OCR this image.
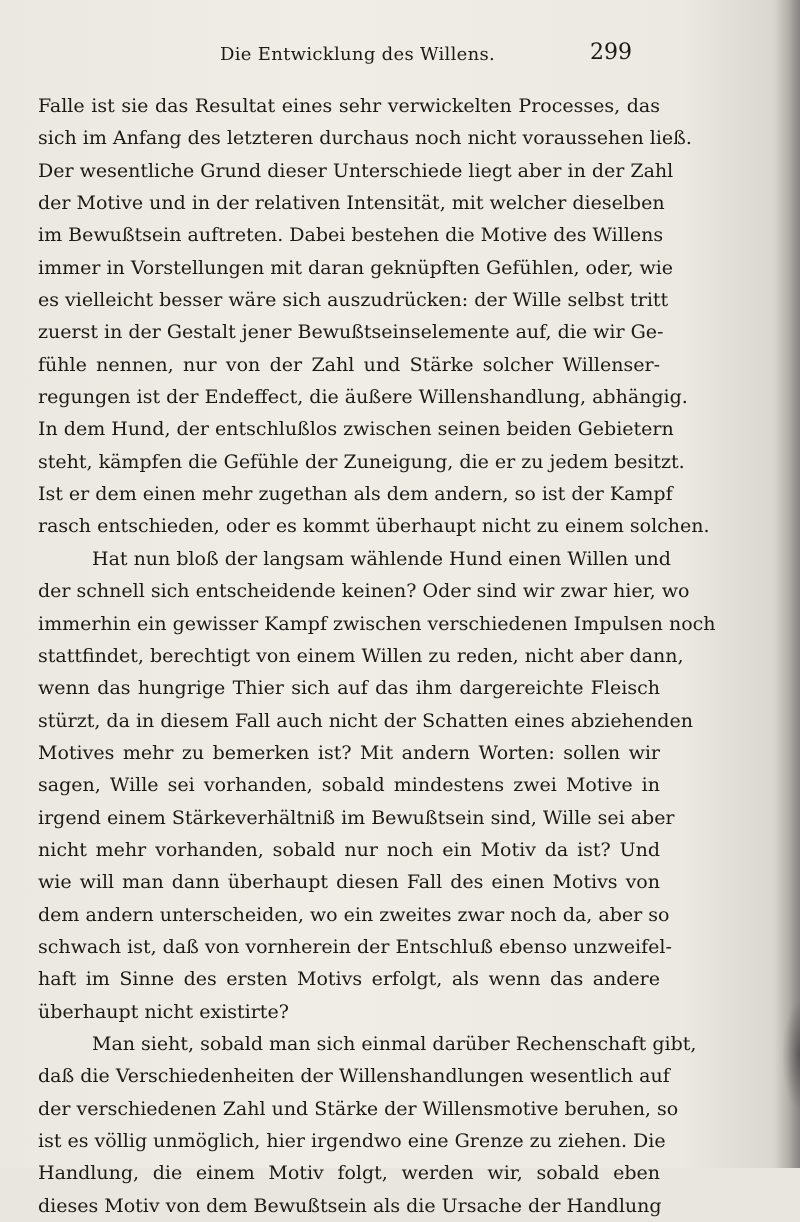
Die Entwicklung des Willens.	299
Falle ist sie das Resultat eines sehr verwickelten Processes, das
sich im Anfang des letzteren durchaus noch nicht voraussehen ließ.
Der wesentliche Grund dieser Unterschiede liegt aber in der Zahl
der Motive und in der relativen Intensität, mit welcher dieselben
im Bewußtsein auftreten. Dabei bestehen die Motive des Willens
immer in Vorstellungen mit daran geknüpften Gefühlen, oder, wie
es vielleicht besser wäre sich auszudrücken: der Wille selbst tritt
zuerst in der Gestalt jener Bewußtseinselemente auf, die wir Ge-
fühle nennen, nur von der Zahl und Stärke solcher Willenser-
regungen ist der Endeffect, die äußere Willenshandlung, abhängig.
In dem Hund, der entschlußlos zwischen seinen beiden Gebietern
steht, kämpfen die Gefühle der Zuneigung, die er zu jedem besitzt.
Ist er dem einen mehr zugethan als dem andern, so ist der Kampf
rasch entschieden, oder es kommt überhaupt nicht zu einem solchen.
Hat nun bloß der langsam wählende Hund einen Willen und
der schnell sich entscheidende keinen? Oder sind wir zwar hier, wo
immerhin ein gewisser Kampf zwischen verschiedenen Impulsen noch
stattfindet, berechtigt von einem Willen zu reden, nicht aber dann,
wenn das hungrige Thier sich auf das ihm dargereichte Fleisch
stürzt, da in diesem Fall auch nicht der Schatten eines abziehenden
Motives mehr zu bemerken ist? Mit andern Worten: sollen wir
sagen, Wille sei vorhanden, sobald mindestens zwei Motive in
irgend einem Stärkeverhältniß im Bewußtsein sind, Wille sei aber
nicht mehr vorhanden, sobald nur noch ein Motiv da ist? Und
wie will man dann überhaupt diesen Fall des einen Motivs von
dem andern unterscheiden, wo ein zweites zwar noch da, aber so
schwach ist, daß von vornherein der Entschluß ebenso unzweifel-
haft im Sinne des ersten Motivs erfolgt, als wenn das andere
überhaupt nicht existirte?
Man sieht, sobald man sich einmal darüber Rechenschaft gibt,
daß die Verschiedenheiten der Willenshandlungen wesentlich auf
der verschiedenen Zahl und Stärke der Willensmotive beruhen, so
ist es völlig unmöglich, hier irgendwo eine Grenze zu ziehen. Die
Handlung, die einem Motiv folgt, werden wir, sobald eben
dieses Motiv von dem Bewußtsein als die Ursache der Handlung
